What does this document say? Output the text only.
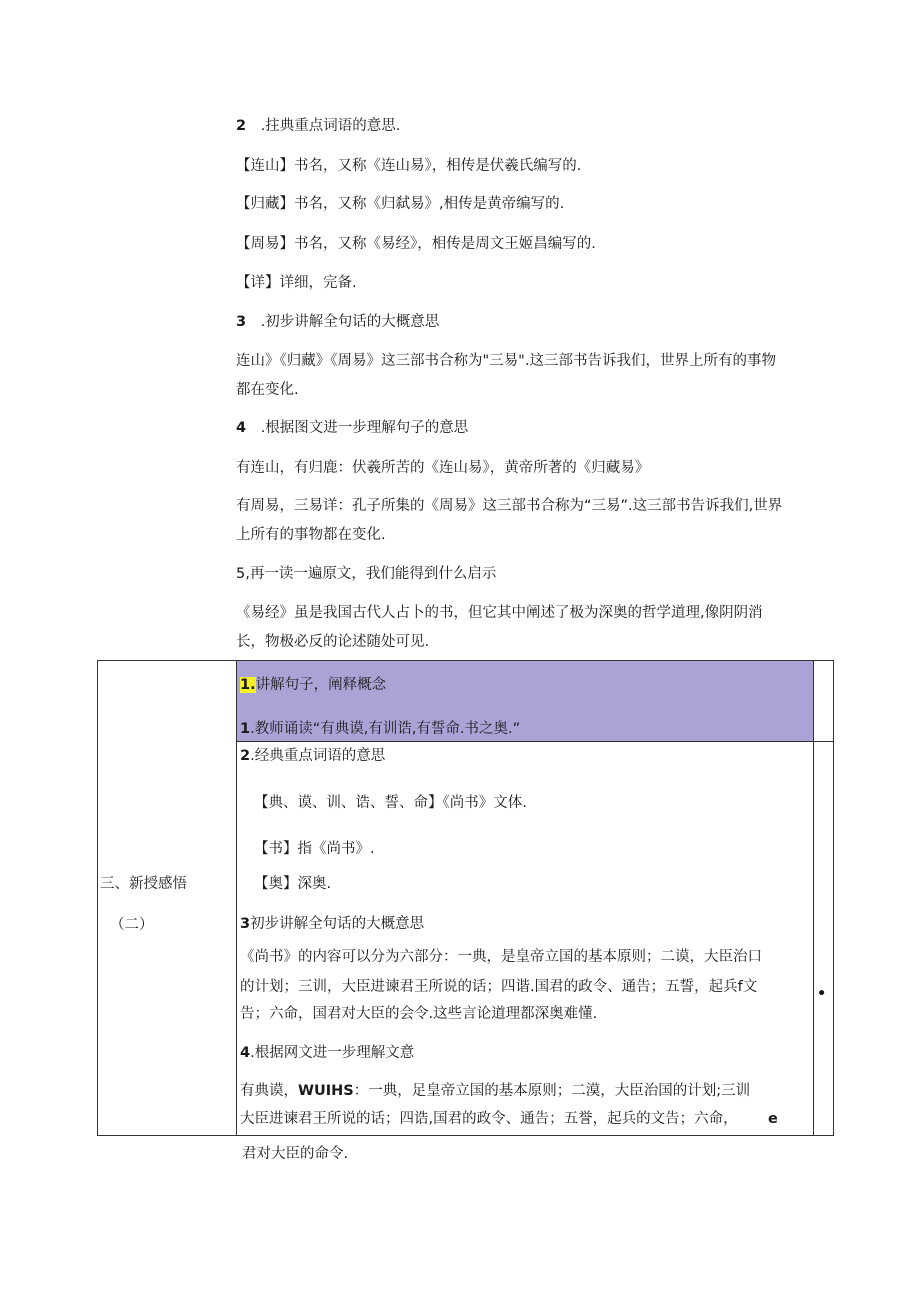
2 .拄典重点词语的意思.
【连山】书名，又称《连山易》，相传是伏羲氏编写的.
【归藏】书名，又称《归弑易》,相传是黄帝编写的.
【周易】书名，又称《易经》，相传是周文王姬昌编写的.
【详】详细，完备.
3 .初步讲解全句话的大概意思
连山》《归藏》《周易》这三部书合称为"三易".这三部书告诉我们，世界上所有的事物
都在变化.
4 .根据图文进一步理解句子的意思
有连山，有归鹿：伏羲所苦的《连山易》，黄帝所著的《归藏易》
有周易，三易详：孔子所集的《周易》这三部书合称为“三易”.这三部书告诉我们,世界
上所有的事物都在变化.
5,再一读一遍原文，我们能得到什么启示
《易经》虽是我国古代人占卜的书，但它其中阐述了极为深奥的哲学道理,像阴阴消
长，物极必反的论述随处可见.
三、新授感悟
（二）
1.讲解句子，阐释概念
1.教师诵读“有典谟,有训诰,有誓命.书之奥.”
2.经典重点词语的意思
【典、谟、训、诰、誓、命】《尚书》文体.
【书】指《尚书》.
【奥】深奥.
3初步讲解全句话的大概意思
《尚书》的内容可以分为六部分：一典，是皇帝立国的基本原则；二谟，大臣治口
的计划；三训，大臣进谏君王所说的话；四谐.国君的政令、通告；五誓，起兵f文
告；六命，国君对大臣的会令.这些言论道理都深奥难懂.
4.根据网文进一步理解文意
有典谟，WUIHS：一典，足皇帝立国的基本原则；二漠，大臣治国的计划;三训
大臣进谏君王所说的话；四诰,国君的政令、通告；五誉，起兵的文告；六命， e
•
君对大臣的命令.
